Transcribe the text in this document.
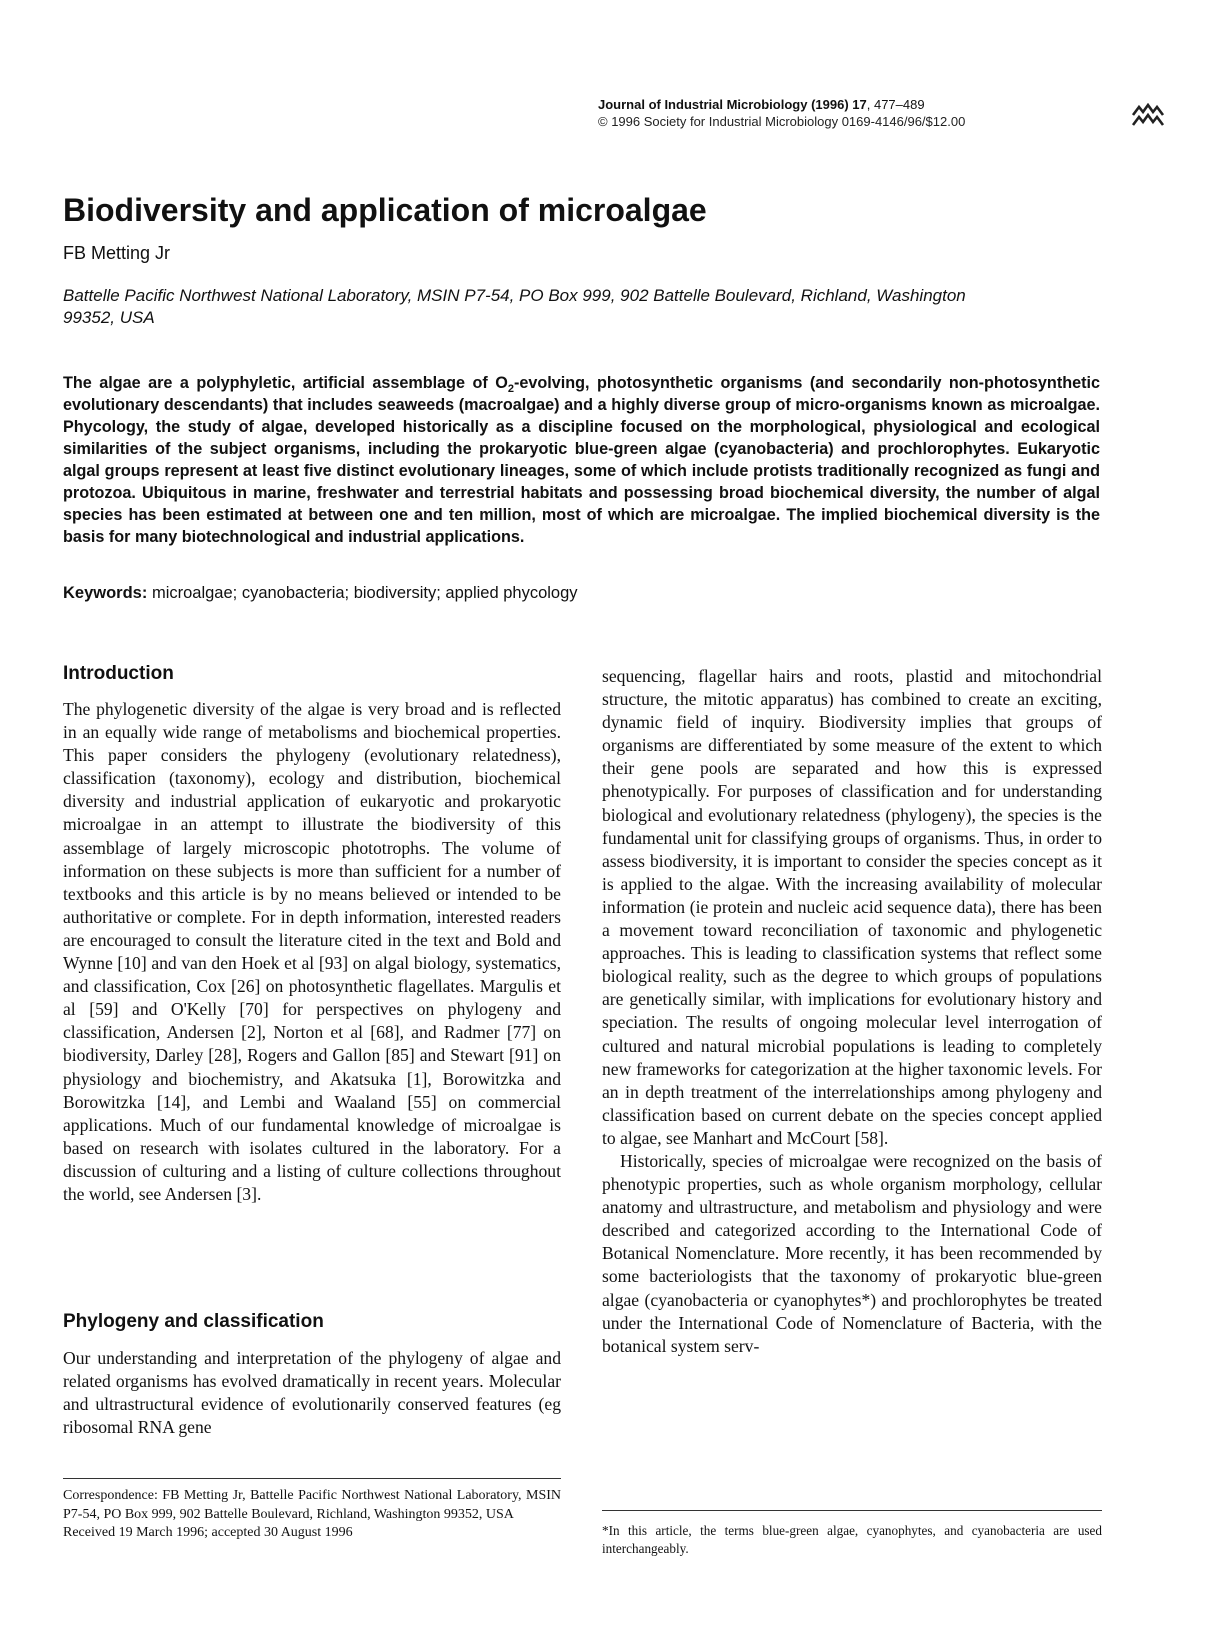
Journal of Industrial Microbiology (1996) 17, 477–489
© 1996 Society for Industrial Microbiology 0169-4146/96/$12.00
Biodiversity and application of microalgae
FB Metting Jr
Battelle Pacific Northwest National Laboratory, MSIN P7-54, PO Box 999, 902 Battelle Boulevard, Richland, Washington
99352, USA
The algae are a polyphyletic, artificial assemblage of $O_2$-evolving, photosynthetic organisms (and secondarily non-photosynthetic evolutionary descendants) that includes seaweeds (macroalgae) and a highly diverse group of micro-organisms known as microalgae. Phycology, the study of algae, developed historically as a discipline focused on the morphological, physiological and ecological similarities of the subject organisms, including the prokaryotic blue-green algae (cyanobacteria) and prochlorophytes. Eukaryotic algal groups represent at least five distinct evolutionary lineages, some of which include protists traditionally recognized as fungi and protozoa. Ubiquitous in marine, freshwater and terrestrial habitats and possessing broad biochemical diversity, the number of algal species has been estimated at between one and ten million, most of which are microalgae. The implied biochemical diversity is the basis for many biotechnological and industrial applications.
Keywords: microalgae; cyanobacteria; biodiversity; applied phycology
Introduction

The phylogenetic diversity of the algae is very broad and is reflected in an equally wide range of metabolisms and biochemical properties. This paper considers the phylogeny (evolutionary relatedness), classification (taxonomy), ecology and distribution, biochemical diversity and industrial application of eukaryotic and prokaryotic microalgae in an attempt to illustrate the biodiversity of this assemblage of largely microscopic phototrophs. The volume of information on these subjects is more than sufficient for a number of textbooks and this article is by no means believed or intended to be authoritative or complete. For in depth information, interested readers are encouraged to consult the literature cited in the text and Bold and Wynne [10] and van den Hoek et al [93] on algal biology, systematics, and classification, Cox [26] on photosynthetic flagellates. Margulis et al [59] and O'Kelly [70] for perspectives on phylogeny and classification, Andersen [2], Norton et al [68], and Radmer [77] on biodiversity, Darley [28], Rogers and Gallon [85] and Stewart [91] on physiology and biochemistry, and Akatsuka [1], Borowitzka and Borowitzka [14], and Lembi and Waaland [55] on commercial applications. Much of our fundamental knowledge of microalgae is based on research with isolates cultured in the laboratory. For a discussion of culturing and a listing of culture collections throughout the world, see Andersen [3].

Phylogeny and classification

Our understanding and interpretation of the phylogeny of algae and related organisms has evolved dramatically in recent years. Molecular and ultrastructural evidence of evolutionarily conserved features (eg ribosomal RNA gene

sequencing, flagellar hairs and roots, plastid and mitochondrial structure, the mitotic apparatus) has combined to create an exciting, dynamic field of inquiry. Biodiversity implies that groups of organisms are differentiated by some measure of the extent to which their gene pools are separated and how this is expressed phenotypically. For purposes of classification and for understanding biological and evolutionary relatedness (phylogeny), the species is the fundamental unit for classifying groups of organisms. Thus, in order to assess biodiversity, it is important to consider the species concept as it is applied to the algae. With the increasing availability of molecular information (ie protein and nucleic acid sequence data), there has been a movement toward reconciliation of taxonomic and phylogenetic approaches. This is leading to classification systems that reflect some biological reality, such as the degree to which groups of populations are genetically similar, with implications for evolutionary history and speciation. The results of ongoing molecular level interrogation of cultured and natural microbial populations is leading to completely new frameworks for categorization at the higher taxonomic levels. For an in depth treatment of the interrelationships among phylogeny and classification based on current debate on the species concept applied to algae, see Manhart and McCourt [58].

Historically, species of microalgae were recognized on the basis of phenotypic properties, such as whole organism morphology, cellular anatomy and ultrastructure, and metabolism and physiology and were described and categorized according to the International Code of Botanical Nomenclature. More recently, it has been recommended by some bacteriologists that the taxonomy of prokaryotic blue-green algae (cyanobacteria or cyanophytes*) and prochlorophytes be treated under the International Code of Nomenclature of Bacteria, with the botanical system serv-

Correspondence: FB Metting Jr, Battelle Pacific Northwest National Laboratory, MSIN P7-54, PO Box 999, 902 Battelle Boulevard, Richland, Washington 99352, USA
Received 19 March 1996; accepted 30 August 1996	*In this article, the terms blue-green algae, cyanophytes, and cyanobacteria are used interchangeably.
